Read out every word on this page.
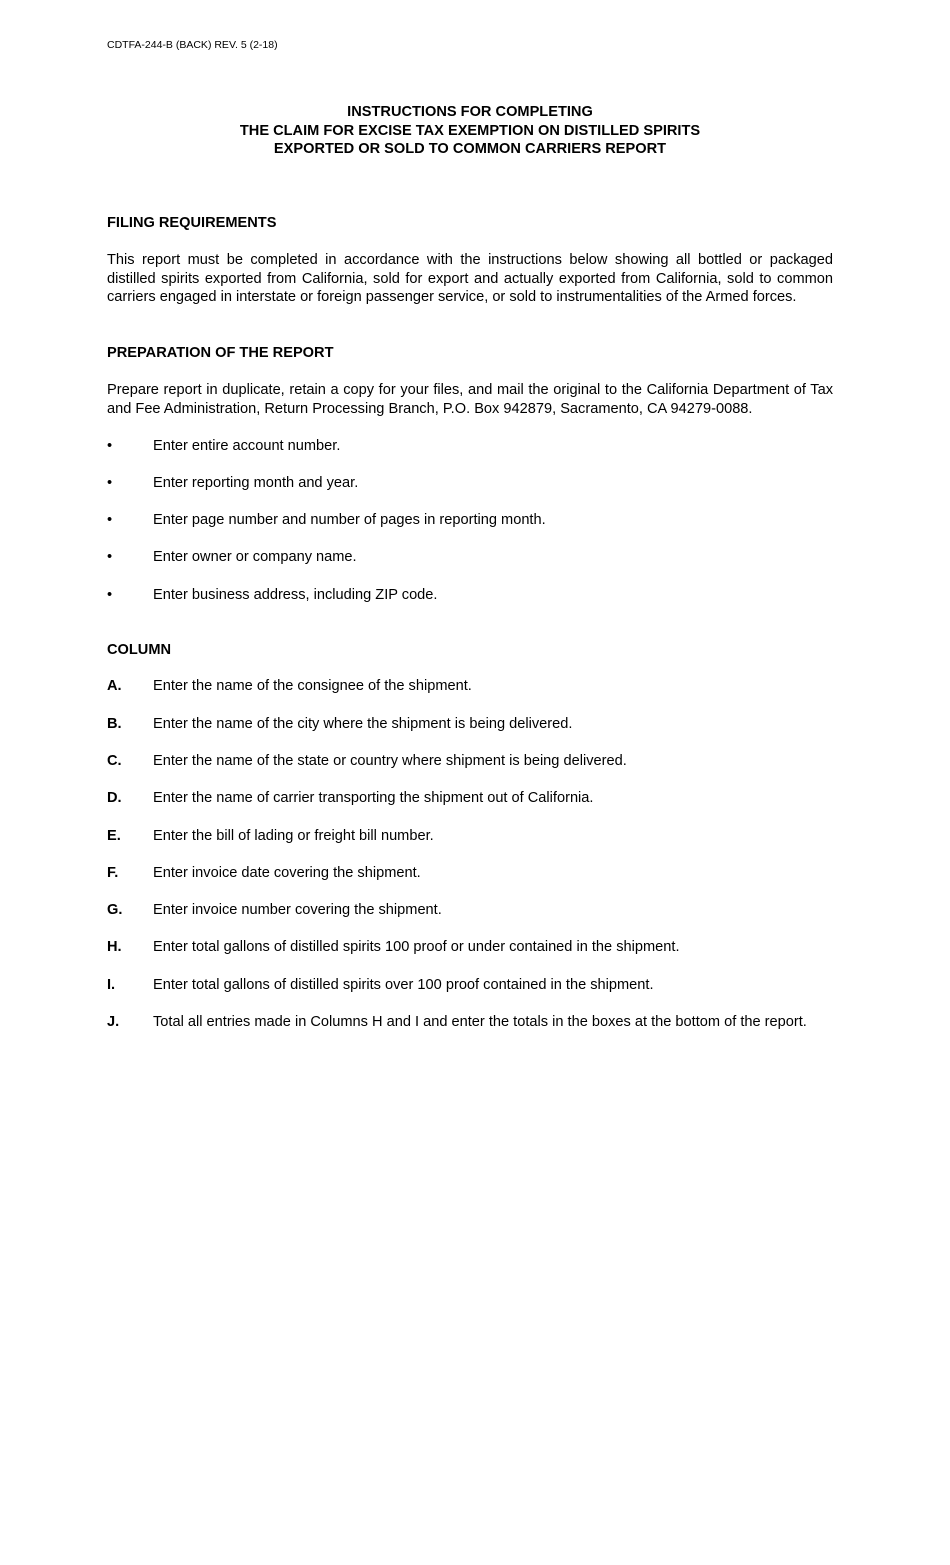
CDTFA-244-B (BACK) REV. 5 (2-18)
INSTRUCTIONS FOR COMPLETING
THE CLAIM FOR EXCISE TAX EXEMPTION ON DISTILLED SPIRITS
EXPORTED OR SOLD TO COMMON CARRIERS REPORT

FILING REQUIREMENTS

This report must be completed in accordance with the instructions below showing all bottled or packaged distilled spirits exported from California, sold for export and actually exported from California, sold to common carriers engaged in interstate or foreign passenger service, or sold to instrumentalities of the Armed forces.

PREPARATION OF THE REPORT

Prepare report in duplicate, retain a copy for your files, and mail the original to the California Department of Tax and Fee Administration, Return Processing Branch, P.O. Box 942879, Sacramento, CA 94279-0088.

•	Enter entire account number.
•	Enter reporting month and year.
•	Enter page number and number of pages in reporting month.
•	Enter owner or company name.
•	Enter business address, including ZIP code.

COLUMN

A.	Enter the name of the consignee of the shipment.
B.	Enter the name of the city where the shipment is being delivered.
C.	Enter the name of the state or country where shipment is being delivered.
D.	Enter the name of carrier transporting the shipment out of California.
E.	Enter the bill of lading or freight bill number.
F.	Enter invoice date covering the shipment.
G.	Enter invoice number covering the shipment.
H.	Enter total gallons of distilled spirits 100 proof or under contained in the shipment.
I.	Enter total gallons of distilled spirits over 100 proof contained in the shipment.
J.	Total all entries made in Columns H and I and enter the totals in the boxes at the bottom of the report.
